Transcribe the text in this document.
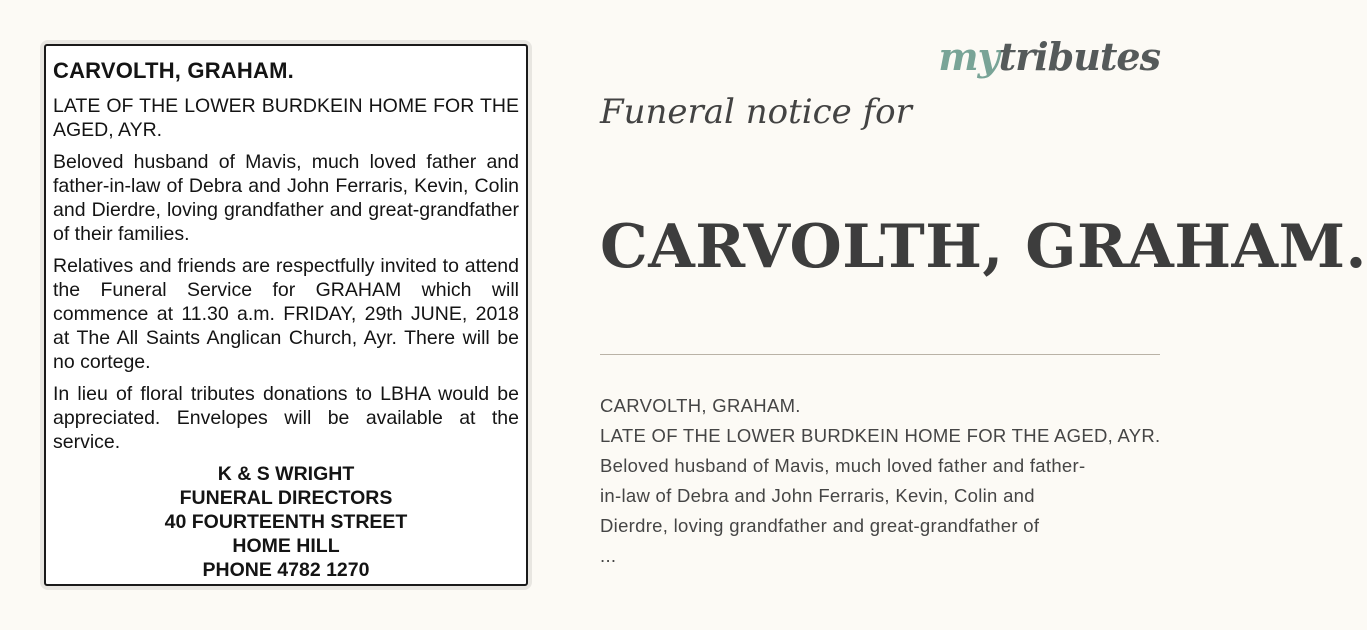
CARVOLTH, GRAHAM.
LATE OF THE LOWER BURDKEIN HOME FOR THE AGED, AYR.
Beloved husband of Mavis, much loved father and father-in-law of Debra and John Ferraris, Kevin, Colin and Dierdre, loving grandfather and great-grandfather of their families.
Relatives and friends are respectfully invited to attend the Funeral Service for GRAHAM which will commence at 11.30 a.m. FRIDAY, 29th JUNE, 2018 at The All Saints Anglican Church, Ayr. There will be no cortege.
In lieu of floral tributes donations to LBHA would be appreciated. Envelopes will be available at the service.
K & S WRIGHT
FUNERAL DIRECTORS
40 FOURTEENTH STREET
HOME HILL
PHONE 4782 1270
mytributes
Funeral notice for
CARVOLTH, GRAHAM.
CARVOLTH, GRAHAM.
LATE OF THE LOWER BURDKEIN HOME FOR THE AGED, AYR.
Beloved husband of Mavis, much loved father and father-
in-law of Debra and John Ferraris, Kevin, Colin and
Dierdre, loving grandfather and great-grandfather of
...
